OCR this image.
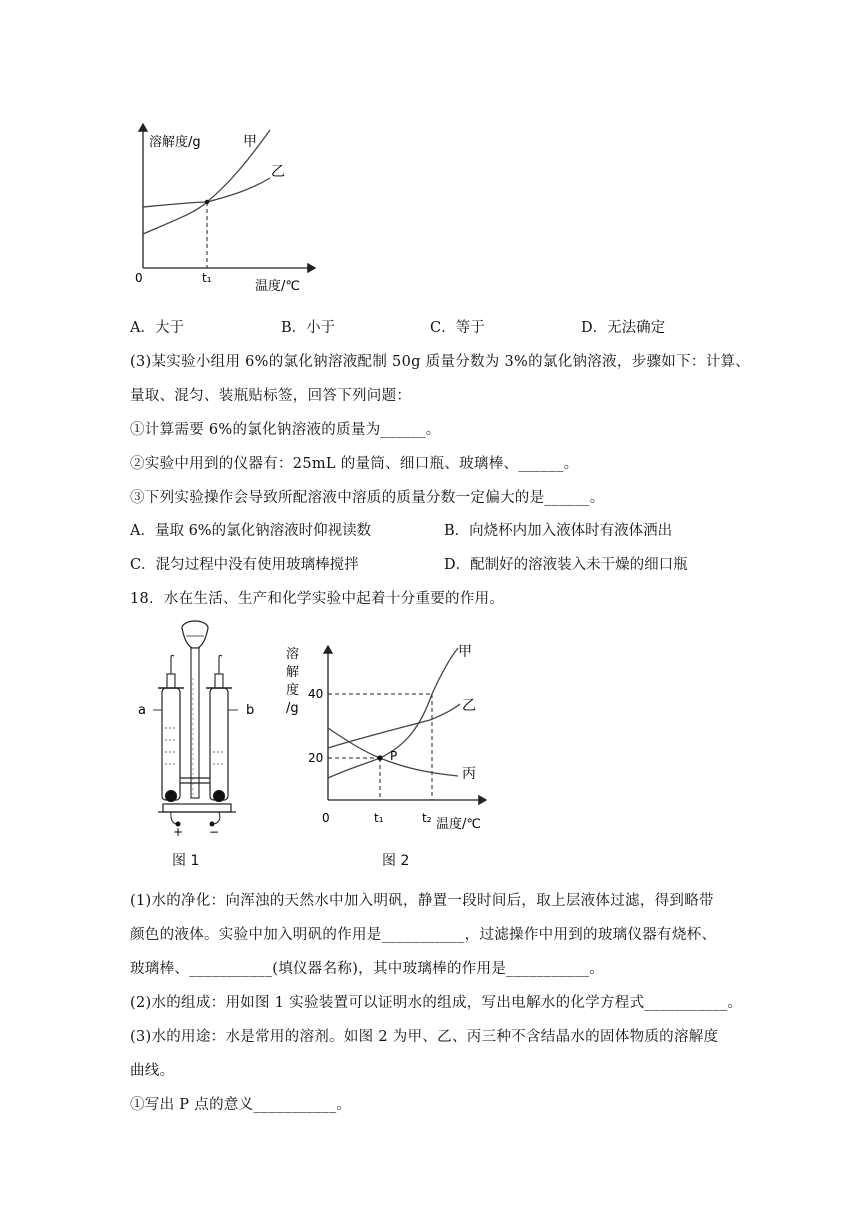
溶解度/g	甲
乙
0	t₁
温度/℃
A．大于	B．小于	C．等于	D．无法确定
(3)某实验小组用 6%的氯化钠溶液配制 50g 质量分数为 3%的氯化钠溶液，步骤如下：计算、
量取、混匀、装瓶贴标签，回答下列问题：
①计算需要 6%的氯化钠溶液的质量为______。
②实验中用到的仪器有：25mL 的量筒、细口瓶、玻璃棒、______。
③下列实验操作会导致所配溶液中溶质的质量分数一定偏大的是______。
A．量取 6%的氯化钠溶液时仰视读数	B．向烧杯内加入液体时有液体洒出
C．混匀过程中没有使用玻璃棒搅拌	D．配制好的溶液装入未干燥的细口瓶
18．水在生活、生产和化学实验中起着十分重要的作用。
a	b
+ −
图 1
溶
解
度
/g
40
20
0	t₁	t₂ 温度/℃
甲
乙
丙
P
图 2
(1)水的净化：向浑浊的天然水中加入明矾，静置一段时间后，取上层液体过滤，得到略带
颜色的液体。实验中加入明矾的作用是___________，过滤操作中用到的玻璃仪器有烧杯、
玻璃棒、___________(填仪器名称)，其中玻璃棒的作用是___________。
(2)水的组成：用如图 1 实验装置可以证明水的组成，写出电解水的化学方程式___________。
(3)水的用途：水是常用的溶剂。如图 2 为甲、乙、丙三种不含结晶水的固体物质的溶解度
曲线。
①写出 P 点的意义___________。
